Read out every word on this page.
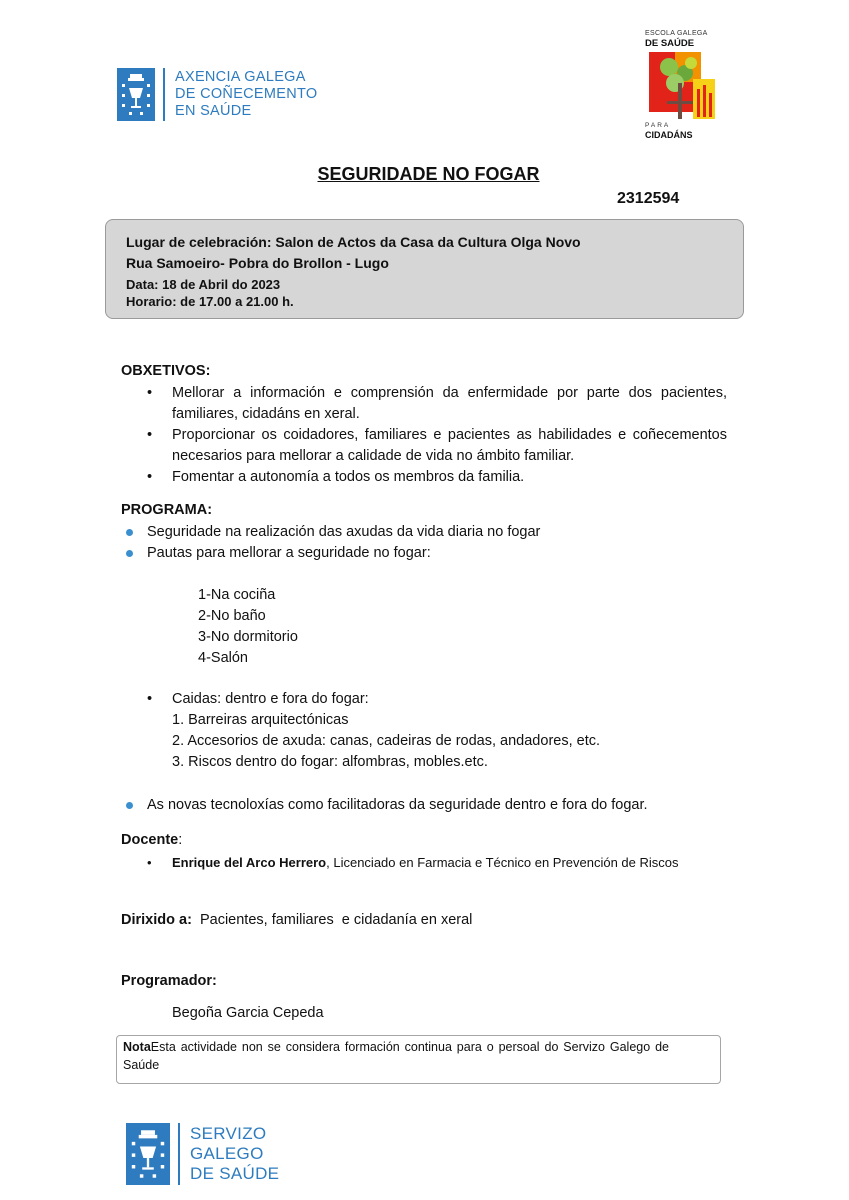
AXENCIA GALEGA
DE COÑECEMENTO
EN SAÚDE
ESCOLA GALEGA
DE SAÚDE
PARA
CIDADÁNS
SEGURIDADE NO FOGAR
2312594
Lugar de celebración: Salon de Actos da Casa da Cultura Olga Novo
Rua Samoeiro- Pobra do Brollon - Lugo
Data: 18 de Abril do 2023
Horario: de 17.00 a 21.00 h.
OBXETIVOS:
• Mellorar a información e comprensión da enfermidade por parte dos pacientes, familiares, cidadáns en xeral.
• Proporcionar os coidadores, familiares e pacientes as habilidades e coñecementos necesarios para mellorar a calidade de vida no ámbito familiar.
• Fomentar a autonomía a todos os membros da familia.
PROGRAMA:
Seguridade na realización das axudas da vida diaria no fogar
Pautas para mellorar a seguridade no fogar:
1-Na cociña
2-No baño
3-No dormitorio
4-Salón
• Caidas: dentro e fora do fogar:
1. Barreiras arquitectónicas
2. Accesorios de axuda: canas, cadeiras de rodas, andadores, etc.
3. Riscos dentro do fogar: alfombras, mobles.etc.
As novas tecnoloxías como facilitadoras da seguridade dentro e fora do fogar.
Docente:
• Enrique del Arco Herrero, Licenciado en Farmacia e Técnico en Prevención de Riscos
Dirixido a:  Pacientes, familiares  e cidadanía en xeral
Programador:
Begoña Garcia Cepeda
NotaEsta actividade non se considera formación continua para o persoal do Servizo Galego de Saúde
SERVIZO
GALEGO
DE SAÚDE
